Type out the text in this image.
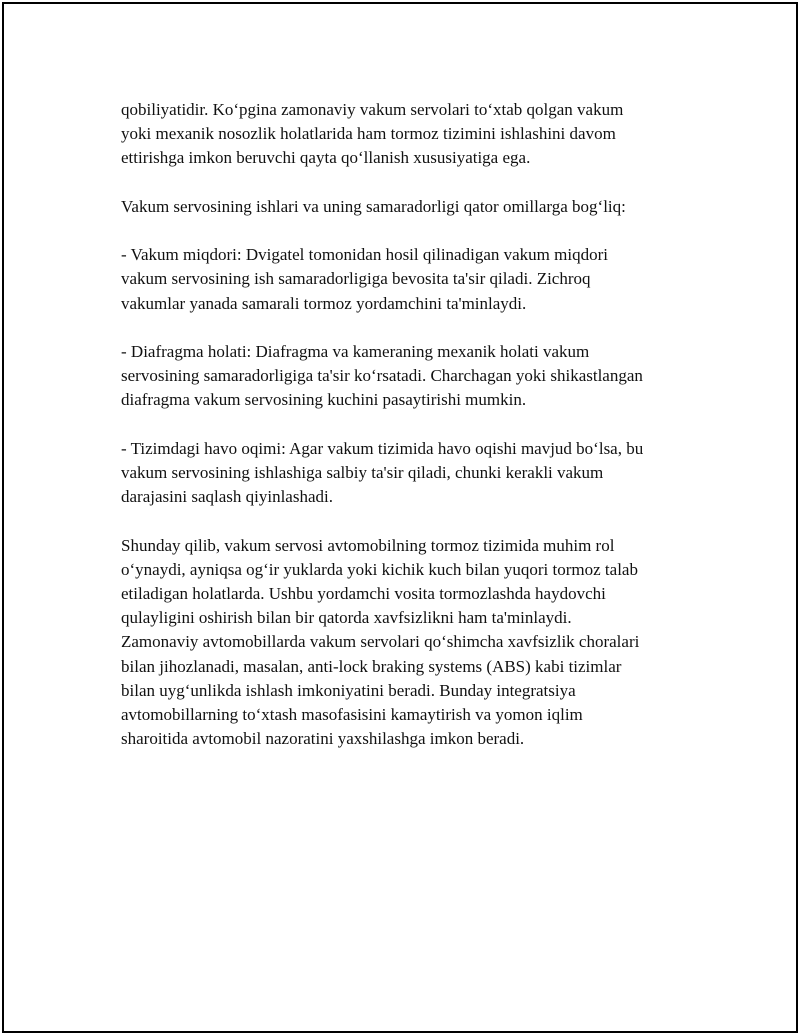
qobiliyatidir. Ko‘pgina zamonaviy vakum servolari to‘xtab qolgan vakum
yoki mexanik nosozlik holatlarida ham tormoz tizimini ishlashini davom
ettirishga imkon beruvchi qayta qo‘llanish xususiyatiga ega.

Vakum servosining ishlari va uning samaradorligi qator omillarga bog‘liq:

- Vakum miqdori: Dvigatel tomonidan hosil qilinadigan vakum miqdori
vakum servosining ish samaradorligiga bevosita ta'sir qiladi. Zichroq
vakumlar yanada samarali tormoz yordamchini ta'minlaydi.

- Diafragma holati: Diafragma va kameraning mexanik holati vakum
servosining samaradorligiga ta'sir ko‘rsatadi. Charchagan yoki shikastlangan
diafragma vakum servosining kuchini pasaytirishi mumkin.

- Tizimdagi havo oqimi: Agar vakum tizimida havo oqishi mavjud bo‘lsa, bu
vakum servosining ishlashiga salbiy ta'sir qiladi, chunki kerakli vakum
darajasini saqlash qiyinlashadi.

Shunday qilib, vakum servosi avtomobilning tormoz tizimida muhim rol
o‘ynaydi, ayniqsa og‘ir yuklarda yoki kichik kuch bilan yuqori tormoz talab
etiladigan holatlarda. Ushbu yordamchi vosita tormozlashda haydovchi
qulayligini oshirish bilan bir qatorda xavfsizlikni ham ta'minlaydi.
Zamonaviy avtomobillarda vakum servolari qo‘shimcha xavfsizlik choralari
bilan jihozlanadi, masalan, anti-lock braking systems (ABS) kabi tizimlar
bilan uyg‘unlikda ishlash imkoniyatini beradi. Bunday integratsiya
avtomobillarning to‘xtash masofasisini kamaytirish va yomon iqlim
sharoitida avtomobil nazoratini yaxshilashga imkon beradi.
